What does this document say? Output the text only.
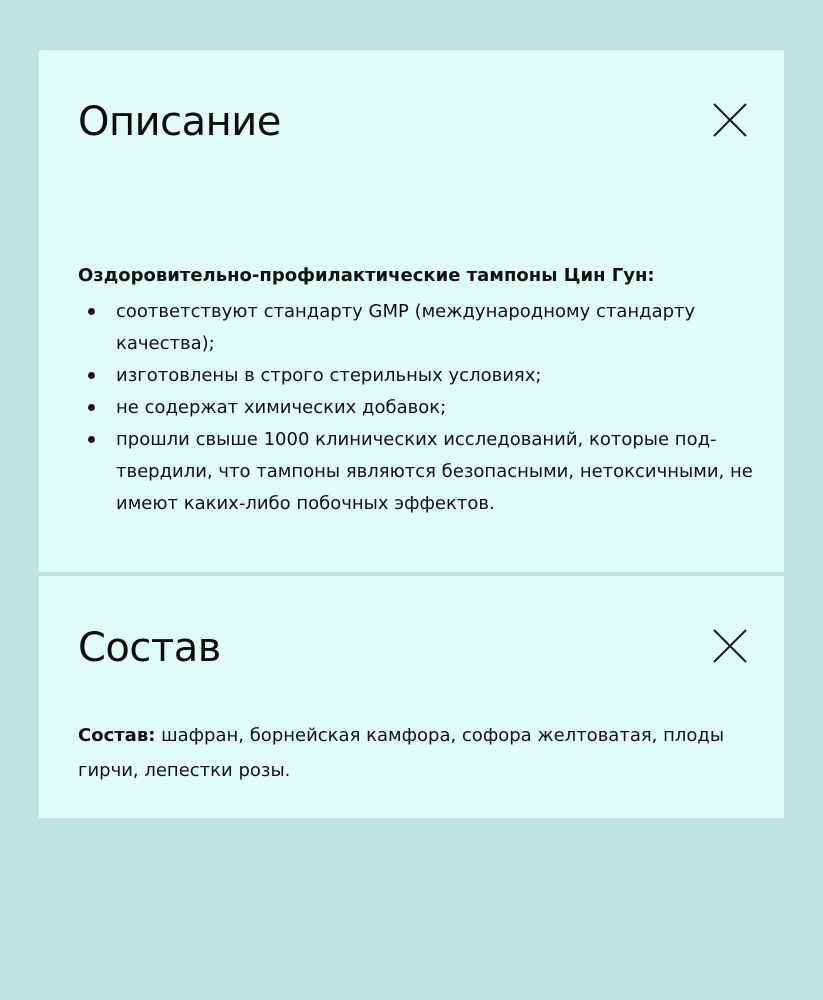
Описание

Оздоровительно-профилактические тампоны Цин Гун:

соответствуют стандарту GMP (международному стандарту качества);
изготовлены в строго стерильных условиях;
не содержат химических добавок;
прошли свыше 1000 клинических исследований, которые подтвердили, что тампоны являются безопасными, нетоксичными, не имеют каких-либо побочных эффектов.
Состав

Состав: шафран, борнейская камфора, софора желтоватая, плоды гирчи, лепестки розы.
